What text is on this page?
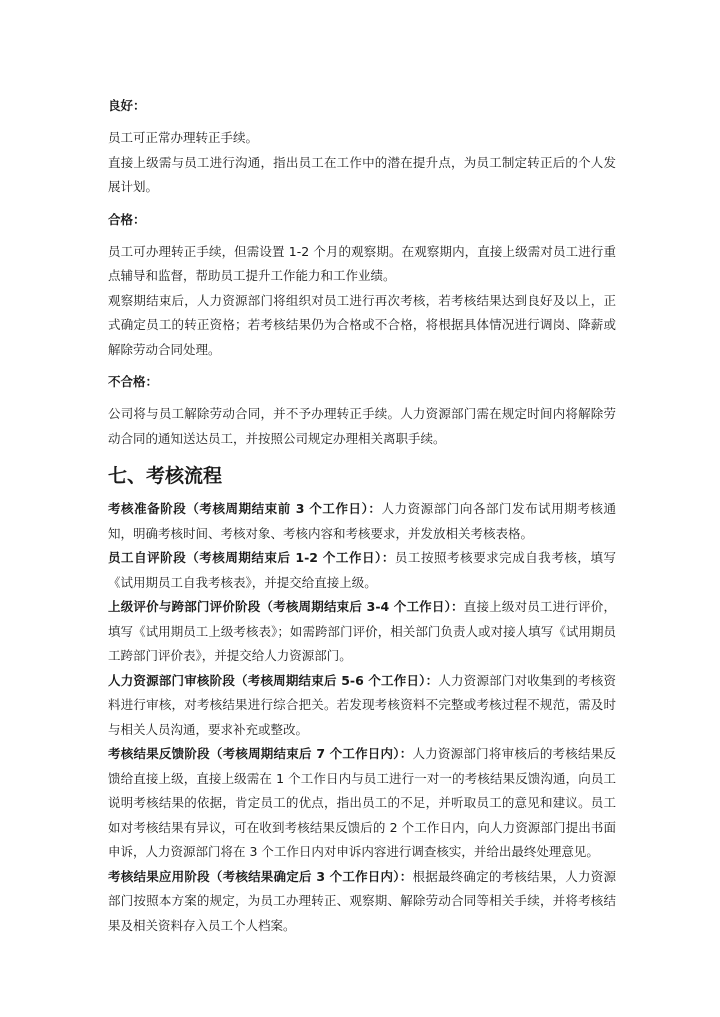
良好：

员工可正常办理转正手续。

直接上级需与员工进行沟通，指出员工在工作中的潜在提升点，为员工制定转正后的个人发展计划。

合格：

员工可办理转正手续，但需设置 1-2 个月的观察期。在观察期内，直接上级需对员工进行重点辅导和监督，帮助员工提升工作能力和工作业绩。

观察期结束后，人力资源部门将组织对员工进行再次考核，若考核结果达到良好及以上，正式确定员工的转正资格；若考核结果仍为合格或不合格，将根据具体情况进行调岗、降薪或解除劳动合同处理。

不合格：

公司将与员工解除劳动合同，并不予办理转正手续。人力资源部门需在规定时间内将解除劳动合同的通知送达员工，并按照公司规定办理相关离职手续。

七、考核流程

考核准备阶段（考核周期结束前 3 个工作日）：人力资源部门向各部门发布试用期考核通知，明确考核时间、考核对象、考核内容和考核要求，并发放相关考核表格。

员工自评阶段（考核周期结束后 1-2 个工作日）：员工按照考核要求完成自我考核，填写《试用期员工自我考核表》，并提交给直接上级。

上级评价与跨部门评价阶段（考核周期结束后 3-4 个工作日）：直接上级对员工进行评价，填写《试用期员工上级考核表》；如需跨部门评价，相关部门负责人或对接人填写《试用期员工跨部门评价表》，并提交给人力资源部门。

人力资源部门审核阶段（考核周期结束后 5-6 个工作日）：人力资源部门对收集到的考核资料进行审核，对考核结果进行综合把关。若发现考核资料不完整或考核过程不规范，需及时与相关人员沟通，要求补充或整改。

考核结果反馈阶段（考核周期结束后 7 个工作日内）：人力资源部门将审核后的考核结果反馈给直接上级，直接上级需在 1 个工作日内与员工进行一对一的考核结果反馈沟通，向员工说明考核结果的依据，肯定员工的优点，指出员工的不足，并听取员工的意见和建议。员工如对考核结果有异议，可在收到考核结果反馈后的 2 个工作日内，向人力资源部门提出书面申诉，人力资源部门将在 3 个工作日内对申诉内容进行调查核实，并给出最终处理意见。

考核结果应用阶段（考核结果确定后 3 个工作日内）：根据最终确定的考核结果，人力资源部门按照本方案的规定，为员工办理转正、观察期、解除劳动合同等相关手续，并将考核结果及相关资料存入员工个人档案。
